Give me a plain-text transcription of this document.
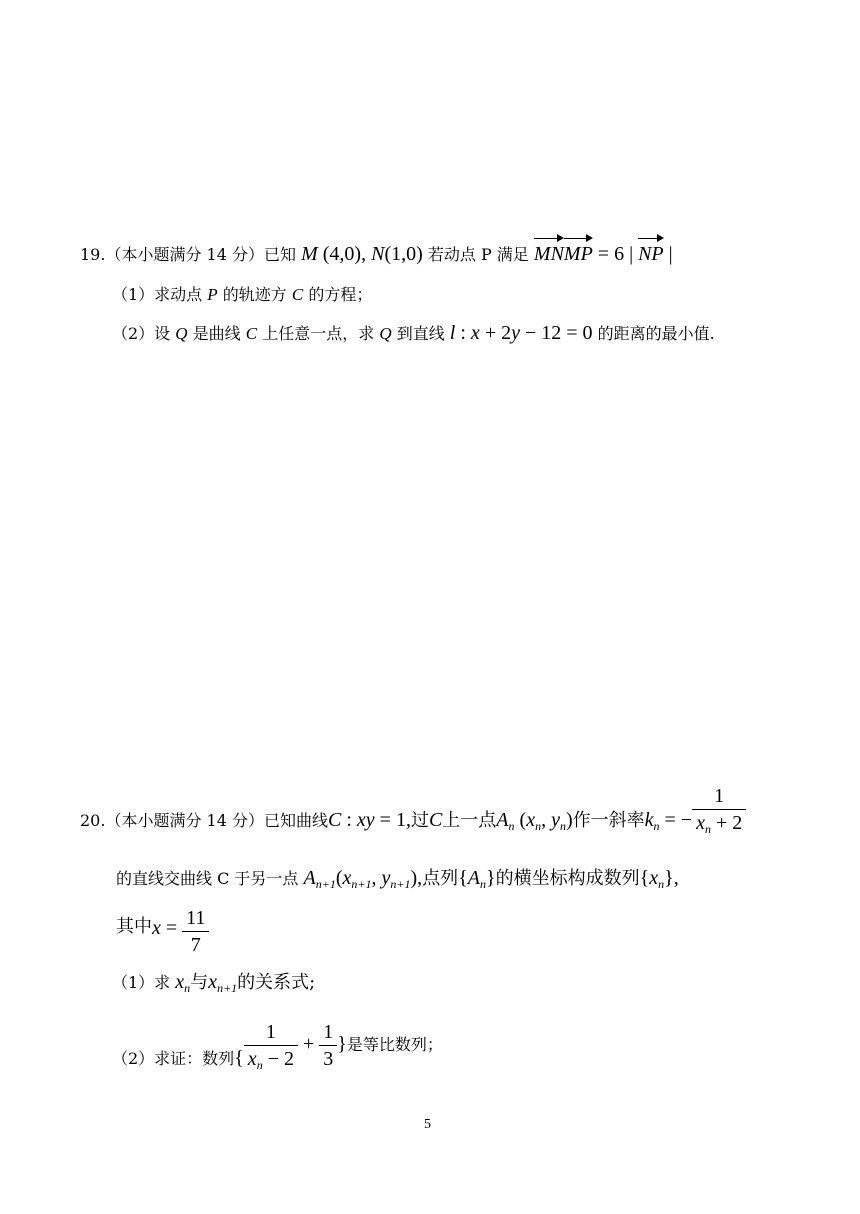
19.（本小题满分 14 分）已知 M (4,0), N(1,0) 若动点 P 满足 MNMP = 6 | NP |
（1）求动点 P 的轨迹方 C 的方程；
（2）设 Q 是曲线 C 上任意一点，求 Q 到直线 l : x + 2y − 12 = 0 的距离的最小值.
20.（本小题满分 14 分）已知曲线C : xy = 1,过C上一点$A_n$ ($x_n$, $y_n$)作一斜率$k_n$ = − $\frac{1}{x_n + 2}$
的直线交曲线 C 于另一点 $A_{n+1}(x_{n+1}$, $y_{n+1}$),点列$\{A_n\}$的横坐标构成数列$\{x_n\}$,
其中$x = \frac{11}{7}$
（1）求 $x_n$与$x_{n+1}$的关系式;
（2）求证：数列{ $\frac{1}{x_n - 2} + \frac{1}{3}$ }是等比数列；
5
